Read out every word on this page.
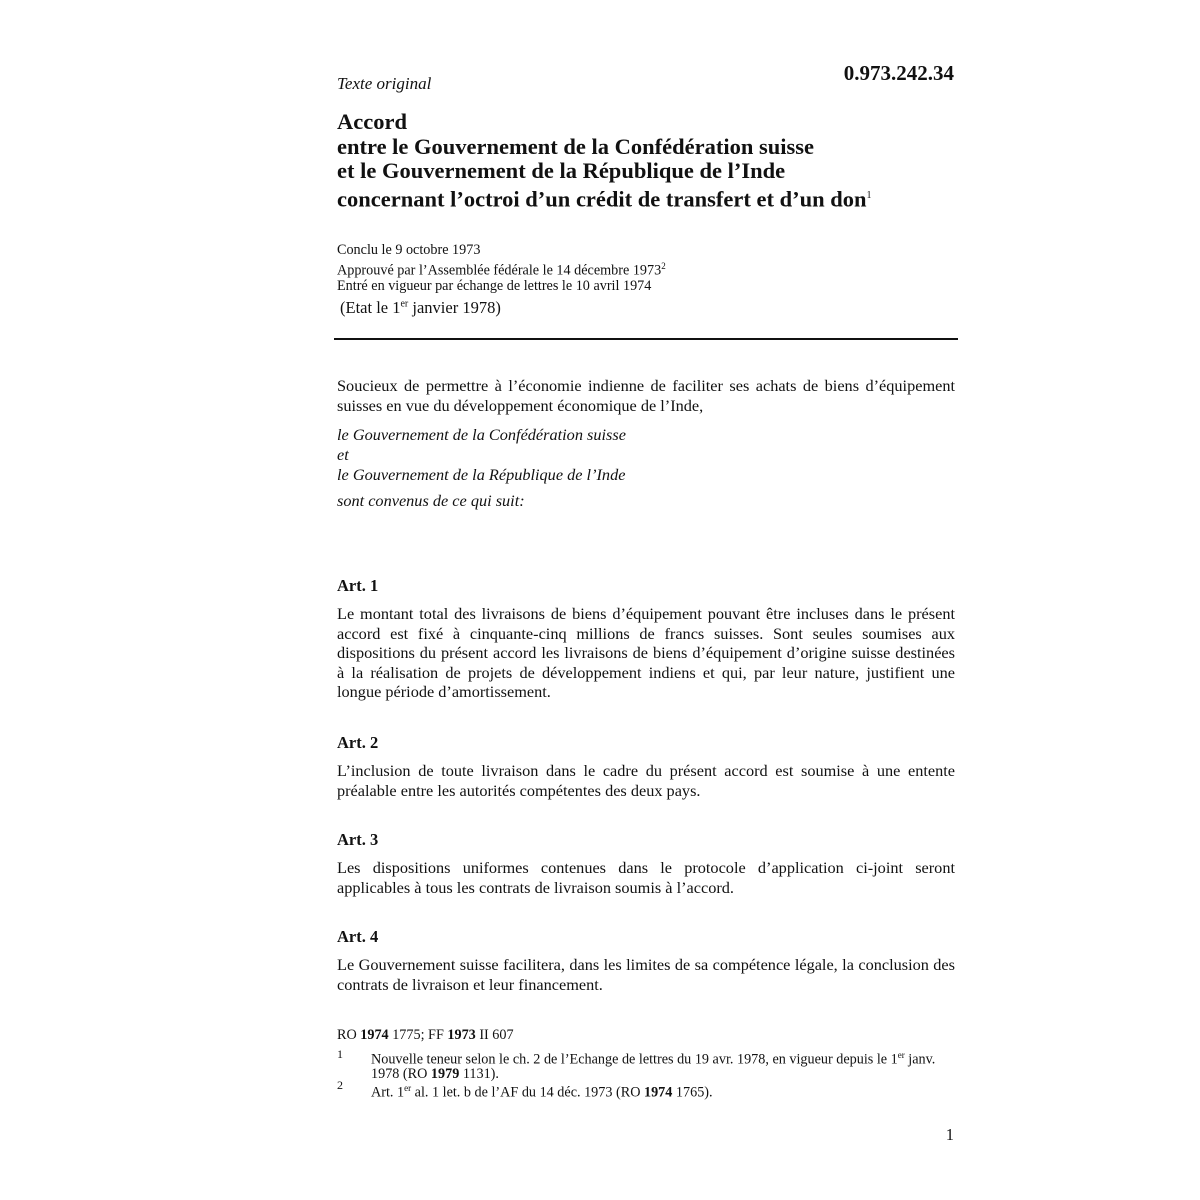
Texte original	0.973.242.34
Accord
entre le Gouvernement de la Confédération suisse
et le Gouvernement de la République de l’Inde
concernant l’octroi d’un crédit de transfert et d’un don$^1$
Conclu le 9 octobre 1973
Approuvé par l’Assemblée fédérale le 14 décembre 1973$^2$
Entré en vigueur par échange de lettres le 10 avril 1974
(Etat le 1er janvier 1978)
Soucieux de permettre à l’économie indienne de faciliter ses achats de biens d’équipement suisses en vue du développement économique de l’Inde,
le Gouvernement de la Confédération suisse
et
le Gouvernement de la République de l’Inde
sont convenus de ce qui suit:
Art. 1
Le montant total des livraisons de biens d’équipement pouvant être incluses dans le présent accord est fixé à cinquante-cinq millions de francs suisses. Sont seules soumises aux dispositions du présent accord les livraisons de biens d’équipement d’origine suisse destinées à la réalisation de projets de développement indiens et qui, par leur nature, justifient une longue période d’amortissement.
Art. 2
L’inclusion de toute livraison dans le cadre du présent accord est soumise à une entente préalable entre les autorités compétentes des deux pays.
Art. 3
Les dispositions uniformes contenues dans le protocole d’application ci-joint seront applicables à tous les contrats de livraison soumis à l’accord.
Art. 4
Le Gouvernement suisse facilitera, dans les limites de sa compétence légale, la conclusion des contrats de livraison et leur financement.
RO 1974 1775; FF 1973 II 607
1 Nouvelle teneur selon le ch. 2 de l’Echange de lettres du 19 avr. 1978, en vigueur depuis le 1er janv. 1978 (RO 1979 1131).
2 Art. 1er al. 1 let. b de l’AF du 14 déc. 1973 (RO 1974 1765).
1
